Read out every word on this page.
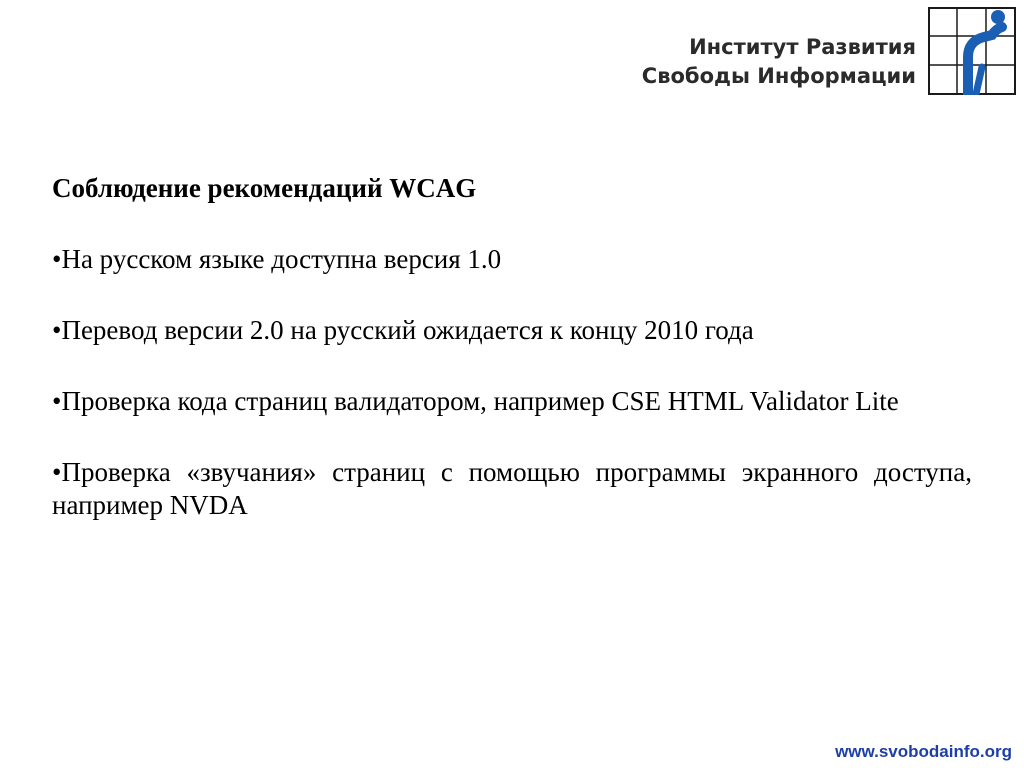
Институт Развития
Свободы Информации

Соблюдение рекомендаций WCAG

•На русском языке доступна версия 1.0

•Перевод версии 2.0 на русский ожидается к концу 2010 года

•Проверка кода страниц валидатором, например CSE HTML Validator Lite

•Проверка «звучания» страниц с помощью программы экранного доступа, например NVDA

www.svobodainfo.org
